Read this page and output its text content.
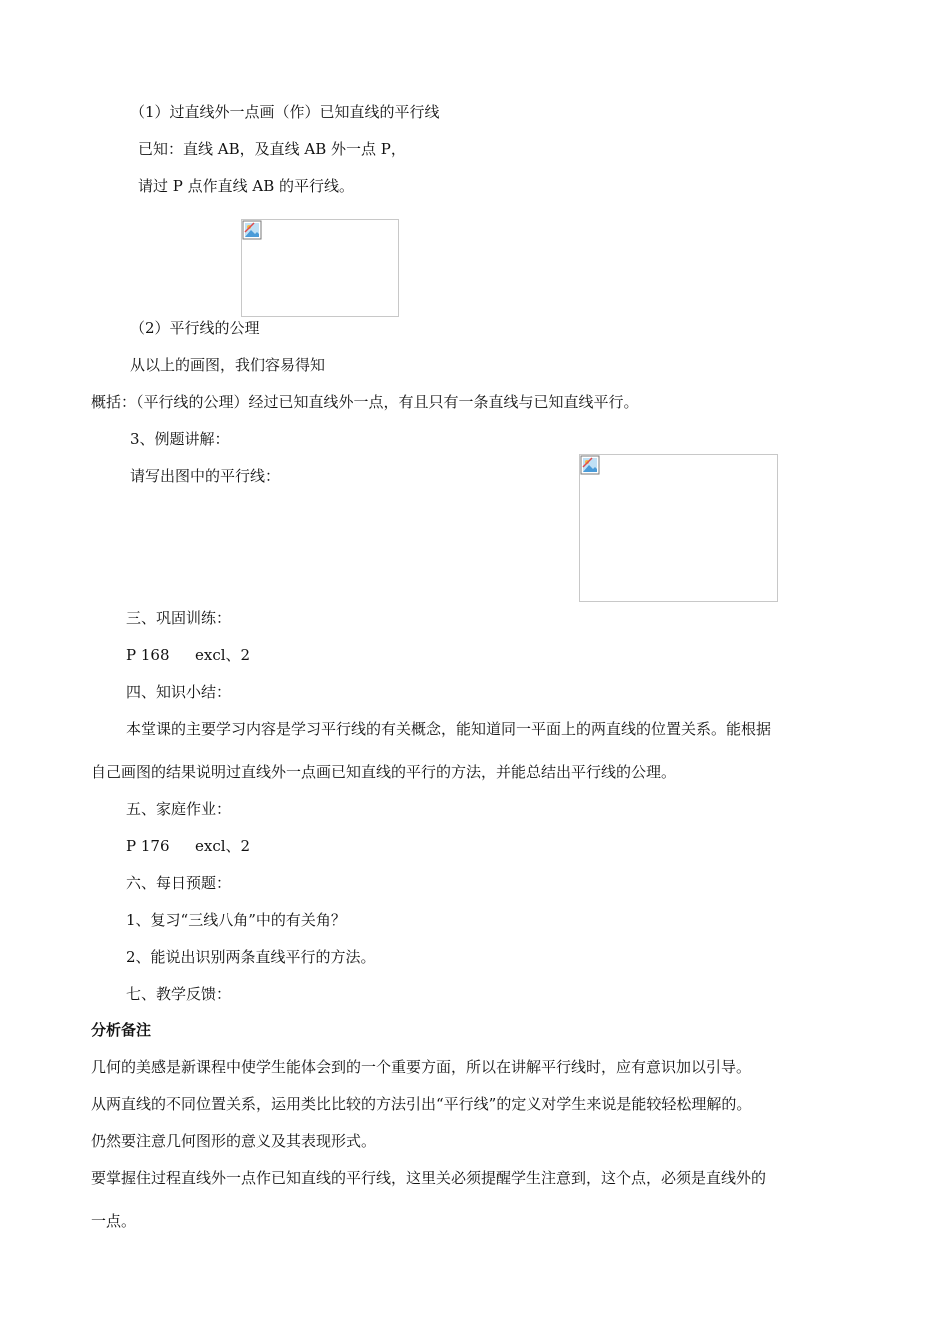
（1）过直线外一点画（作）已知直线的平行线
已知：直线 AB，及直线 AB 外一点 P，
请过 P 点作直线 AB 的平行线。
（2）平行线的公理
从以上的画图，我们容易得知
概括：（平行线的公理）经过已知直线外一点，有且只有一条直线与已知直线平行。
3、例题讲解：
请写出图中的平行线：
三、巩固训练：
P 168 excl、2
四、知识小结：
本堂课的主要学习内容是学习平行线的有关概念，能知道同一平面上的两直线的位置关系。能根据
自己画图的结果说明过直线外一点画已知直线的平行的方法，并能总结出平行线的公理。
五、家庭作业：
P 176 excl、2
六、每日预题：
1、复习“三线八角”中的有关角？
2、能说出识别两条直线平行的方法。
七、教学反馈：
分析备注
几何的美感是新课程中使学生能体会到的一个重要方面，所以在讲解平行线时，应有意识加以引导。
从两直线的不同位置关系，运用类比比较的方法引出“平行线”的定义对学生来说是能较轻松理解的。
仍然要注意几何图形的意义及其表现形式。
要掌握住过程直线外一点作已知直线的平行线，这里关必须提醒学生注意到，这个点，必须是直线外的
一点。
